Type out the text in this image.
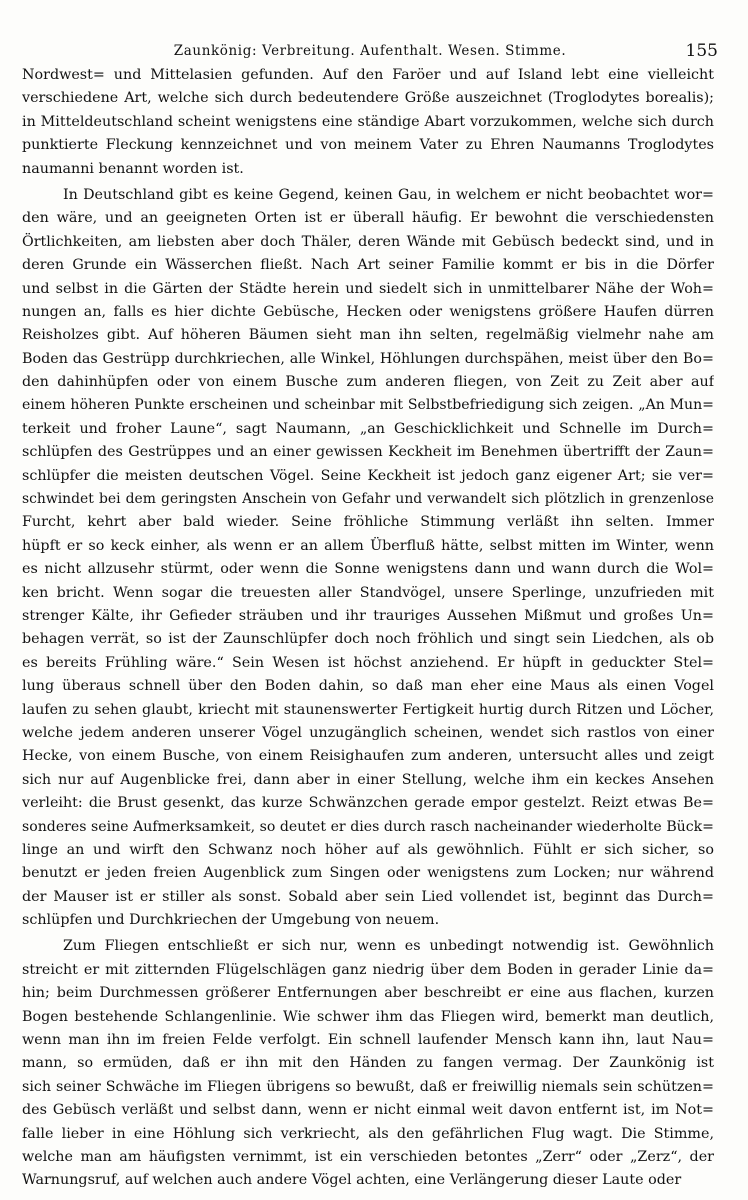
Zaunkönig: Verbreitung. Aufenthalt. Wesen. Stimme.	155
Nordwest= und Mittelasien gefunden. Auf den Faröer und auf Island lebt eine vielleicht
verschiedene Art, welche sich durch bedeutendere Größe auszeichnet (Troglodytes borealis);
in Mitteldeutschland scheint wenigstens eine ständige Abart vorzukommen, welche sich durch
punktierte Fleckung kennzeichnet und von meinem Vater zu Ehren Naumanns Troglodytes
naumanni benannt worden ist.
In Deutschland gibt es keine Gegend, keinen Gau, in welchem er nicht beobachtet wor=
den wäre, und an geeigneten Orten ist er überall häufig. Er bewohnt die verschiedensten
Örtlichkeiten, am liebsten aber doch Thäler, deren Wände mit Gebüsch bedeckt sind, und in
deren Grunde ein Wässerchen fließt. Nach Art seiner Familie kommt er bis in die Dörfer
und selbst in die Gärten der Städte herein und siedelt sich in unmittelbarer Nähe der Woh=
nungen an, falls es hier dichte Gebüsche, Hecken oder wenigstens größere Haufen dürren
Reisholzes gibt. Auf höheren Bäumen sieht man ihn selten, regelmäßig vielmehr nahe am
Boden das Gestrüpp durchkriechen, alle Winkel, Höhlungen durchspähen, meist über den Bo=
den dahinhüpfen oder von einem Busche zum anderen fliegen, von Zeit zu Zeit aber auf
einem höheren Punkte erscheinen und scheinbar mit Selbstbefriedigung sich zeigen. „An Mun=
terkeit und froher Laune“, sagt Naumann, „an Geschicklichkeit und Schnelle im Durch=
schlüpfen des Gestrüppes und an einer gewissen Keckheit im Benehmen übertrifft der Zaun=
schlüpfer die meisten deutschen Vögel. Seine Keckheit ist jedoch ganz eigener Art; sie ver=
schwindet bei dem geringsten Anschein von Gefahr und verwandelt sich plötzlich in grenzenlose
Furcht, kehrt aber bald wieder. Seine fröhliche Stimmung verläßt ihn selten. Immer
hüpft er so keck einher, als wenn er an allem Überfluß hätte, selbst mitten im Winter, wenn
es nicht allzusehr stürmt, oder wenn die Sonne wenigstens dann und wann durch die Wol=
ken bricht. Wenn sogar die treuesten aller Standvögel, unsere Sperlinge, unzufrieden mit
strenger Kälte, ihr Gefieder sträuben und ihr trauriges Aussehen Mißmut und großes Un=
behagen verrät, so ist der Zaunschlüpfer doch noch fröhlich und singt sein Liedchen, als ob
es bereits Frühling wäre.“ Sein Wesen ist höchst anziehend. Er hüpft in geduckter Stel=
lung überaus schnell über den Boden dahin, so daß man eher eine Maus als einen Vogel
laufen zu sehen glaubt, kriecht mit staunenswerter Fertigkeit hurtig durch Ritzen und Löcher,
welche jedem anderen unserer Vögel unzugänglich scheinen, wendet sich rastlos von einer
Hecke, von einem Busche, von einem Reisighaufen zum anderen, untersucht alles und zeigt
sich nur auf Augenblicke frei, dann aber in einer Stellung, welche ihm ein keckes Ansehen
verleiht: die Brust gesenkt, das kurze Schwänzchen gerade empor gestelzt. Reizt etwas Be=
sonderes seine Aufmerksamkeit, so deutet er dies durch rasch nacheinander wiederholte Bück=
linge an und wirft den Schwanz noch höher auf als gewöhnlich. Fühlt er sich sicher, so
benutzt er jeden freien Augenblick zum Singen oder wenigstens zum Locken; nur während
der Mauser ist er stiller als sonst. Sobald aber sein Lied vollendet ist, beginnt das Durch=
schlüpfen und Durchkriechen der Umgebung von neuem.
Zum Fliegen entschließt er sich nur, wenn es unbedingt notwendig ist. Gewöhnlich
streicht er mit zitternden Flügelschlägen ganz niedrig über dem Boden in gerader Linie da=
hin; beim Durchmessen größerer Entfernungen aber beschreibt er eine aus flachen, kurzen
Bogen bestehende Schlangenlinie. Wie schwer ihm das Fliegen wird, bemerkt man deutlich,
wenn man ihn im freien Felde verfolgt. Ein schnell laufender Mensch kann ihn, laut Nau=
mann, so ermüden, daß er ihn mit den Händen zu fangen vermag. Der Zaunkönig ist
sich seiner Schwäche im Fliegen übrigens so bewußt, daß er freiwillig niemals sein schützen=
des Gebüsch verläßt und selbst dann, wenn er nicht einmal weit davon entfernt ist, im Not=
falle lieber in eine Höhlung sich verkriecht, als den gefährlichen Flug wagt. Die Stimme,
welche man am häufigsten vernimmt, ist ein verschieden betontes „Zerr“ oder „Zerz“, der
Warnungsruf, auf welchen auch andere Vögel achten, eine Verlängerung dieser Laute oder
